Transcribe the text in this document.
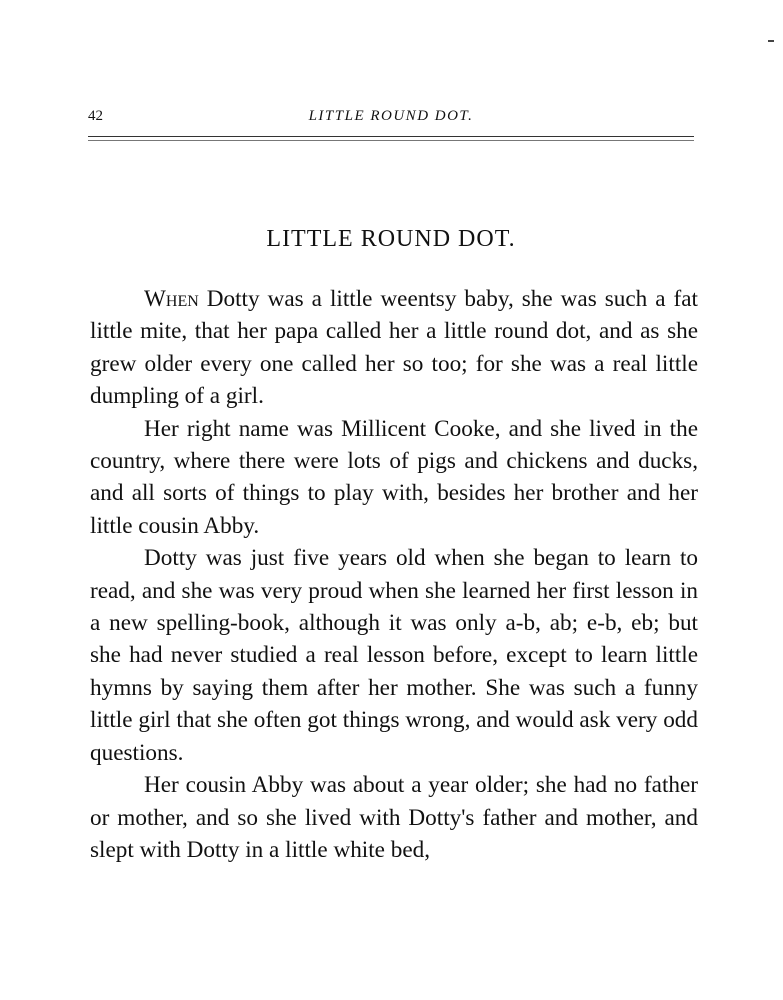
42	LITTLE ROUND DOT.
LITTLE ROUND DOT.

When Dotty was a little weentsy baby, she was such a fat little mite, that her papa called her a little round dot, and as she grew older every one called her so too; for she was a real little dumpling of a girl.

Her right name was Millicent Cooke, and she lived in the country, where there were lots of pigs and chickens and ducks, and all sorts of things to play with, besides her brother and her little cousin Abby.

Dotty was just five years old when she began to learn to read, and she was very proud when she learned her first lesson in a new spelling-book, although it was only a-b, ab; e-b, eb; but she had never studied a real lesson before, except to learn little hymns by saying them after her mother. She was such a funny little girl that she often got things wrong, and would ask very odd questions.

Her cousin Abby was about a year older; she had no father or mother, and so she lived with Dotty's father and mother, and slept with Dotty in a little white bed,
